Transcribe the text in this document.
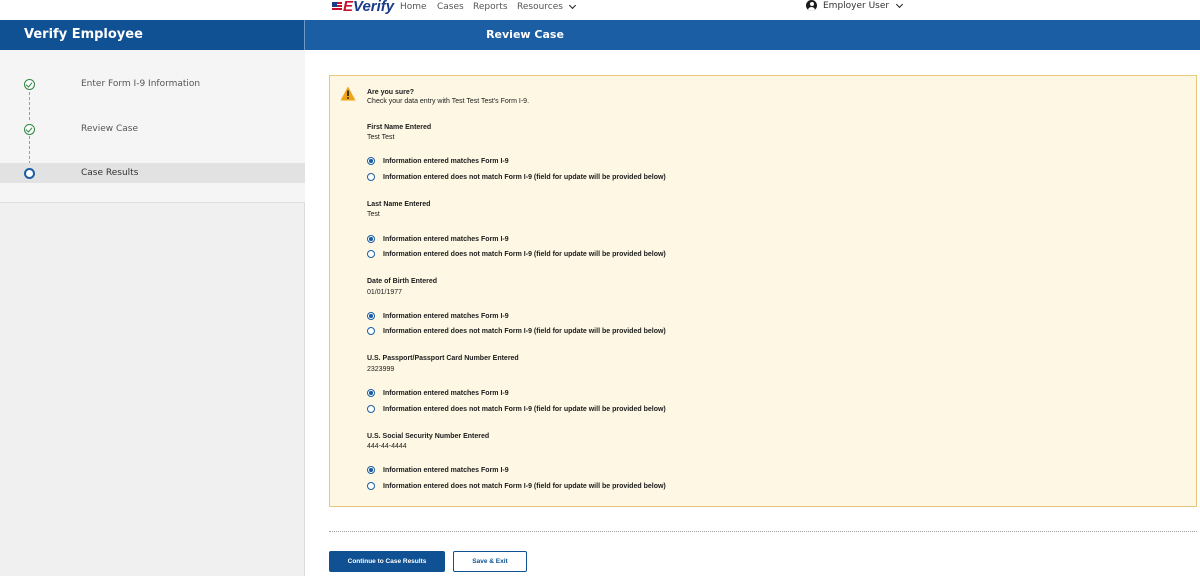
E Verify Home Cases Reports Resources	Employer User
Verify Employee	Review Case
Enter Form I-9 Information
Review Case
Case Results
Are you sure?
Check your data entry with Test Test Test's Form I-9.
First Name Entered
Test Test
Information entered matches Form I-9
Information entered does not match Form I-9 (field for update will be provided below)
Last Name Entered
Test
Information entered matches Form I-9
Information entered does not match Form I-9 (field for update will be provided below)
Date of Birth Entered
01/01/1977
Information entered matches Form I-9
Information entered does not match Form I-9 (field for update will be provided below)
U.S. Passport/Passport Card Number Entered
2323999
Information entered matches Form I-9
Information entered does not match Form I-9 (field for update will be provided below)
U.S. Social Security Number Entered
444-44-4444
Information entered matches Form I-9
Information entered does not match Form I-9 (field for update will be provided below)
Continue to Case Results	Save & Exit
